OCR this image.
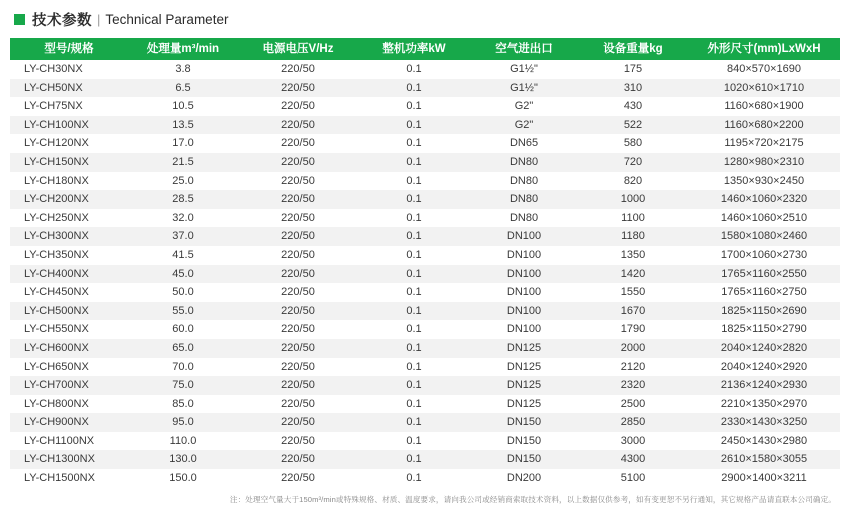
技术参数 | Technical Parameter
型号/规格	处理量m³/min	电源电压V/Hz	整机功率kW	空气进出口	设备重量kg	外形尺寸(mm)LxWxH
LY-CH30NX	3.8	220/50	0.1	G1½"	175	840×570×1690
LY-CH50NX	6.5	220/50	0.1	G1½"	310	1020×610×1710
LY-CH75NX	10.5	220/50	0.1	G2"	430	1160×680×1900
LY-CH100NX	13.5	220/50	0.1	G2"	522	1160×680×2200
LY-CH120NX	17.0	220/50	0.1	DN65	580	1195×720×2175
LY-CH150NX	21.5	220/50	0.1	DN80	720	1280×980×2310
LY-CH180NX	25.0	220/50	0.1	DN80	820	1350×930×2450
LY-CH200NX	28.5	220/50	0.1	DN80	1000	1460×1060×2320
LY-CH250NX	32.0	220/50	0.1	DN80	1100	1460×1060×2510
LY-CH300NX	37.0	220/50	0.1	DN100	1180	1580×1080×2460
LY-CH350NX	41.5	220/50	0.1	DN100	1350	1700×1060×2730
LY-CH400NX	45.0	220/50	0.1	DN100	1420	1765×1160×2550
LY-CH450NX	50.0	220/50	0.1	DN100	1550	1765×1160×2750
LY-CH500NX	55.0	220/50	0.1	DN100	1670	1825×1150×2690
LY-CH550NX	60.0	220/50	0.1	DN100	1790	1825×1150×2790
LY-CH600NX	65.0	220/50	0.1	DN125	2000	2040×1240×2820
LY-CH650NX	70.0	220/50	0.1	DN125	2120	2040×1240×2920
LY-CH700NX	75.0	220/50	0.1	DN125	2320	2136×1240×2930
LY-CH800NX	85.0	220/50	0.1	DN125	2500	2210×1350×2970
LY-CH900NX	95.0	220/50	0.1	DN150	2850	2330×1430×3250
LY-CH1100NX	110.0	220/50	0.1	DN150	3000	2450×1430×2980
LY-CH1300NX	130.0	220/50	0.1	DN150	4300	2610×1580×3055
LY-CH1500NX	150.0	220/50	0.1	DN200	5100	2900×1400×3211
注：处理空气量大于150m³/min或特殊规格、材质、温度要求，请向我公司或经销商索取技术资料，以上数据仅供参考，如有变更恕不另行通知，其它规格产品请直联本公司确定。
